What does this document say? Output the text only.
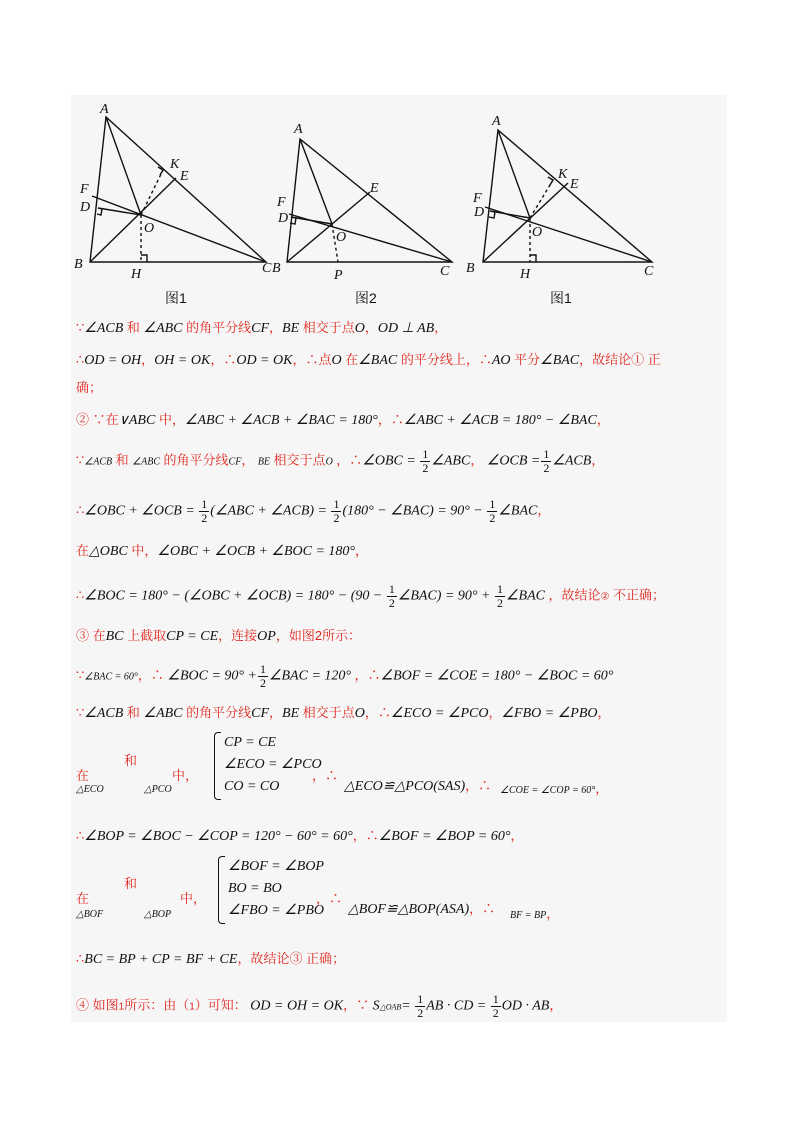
A
B	C
D
E
F
H
K
O
图1
A
B	C
D
E
F
P
O
图2
A
B	C
D
E
F
H
K
O
图1
∵∠ACB 和 ∠ABC 的角平分线CF，BE 相交于点O，OD ⊥ AB，
∴OD = OH，OH = OK，∴OD = OK，∴点O 在∠BAC 的平分线上，∴AO 平分∠BAC，故结论① 正
确；
② ∵在∨ABC 中，∠ABC + ∠ACB + ∠BAC = 180°，∴∠ABC + ∠ACB = 180° − ∠BAC，
∵∠ACB 和 ∠ABC 的角平分线CF， BE 相交于点O ，∴∠OBC = $\frac{1}{2}$ ∠ABC， ∠OCB = $\frac{1}{2}$ ∠ACB，
∴∠OBC + ∠OCB = $\frac{1}{2}$ (∠ABC + ∠ACB) = $\frac{1}{2} (180^\circ$ − ∠BAC) = $90^\circ - \frac{1}{2}$ ∠BAC，
在△OBC 中，∠OBC + ∠OCB + ∠BOC = 180°，
∴∠BOC = 180° − (∠OBC + ∠OCB) = $180^\circ - (90 - \frac{1}{2}$ ∠BAC) = $90^\circ + \frac{1}{2}$ ∠BAC ，故结论② 不正确；
③ 在BC 上截取CP = CE，连接OP，如图2所示：
∵∠BAC = 60°，∴ ∠BOC = $90^\circ + \frac{1}{2}$ ∠BAC = 120° ，∴∠BOF = ∠COE = 180° − ∠BOC = 60°
∵∠ACB 和 ∠ABC 的角平分线CF，BE 相交于点O，∴∠ECO = ∠PCO，∠FBO = ∠PBO，
在
和
中，
△ECO	△PCO
CP = CE
∠ECO = ∠PCO
CO = CO
，∴
△ECO≌△PCO(SAS)，∴ ∠COE = ∠COP = 60°，
∴∠BOP = ∠BOC − ∠COP = 120° − 60° = 60°，∴∠BOF = ∠BOP = 60°，
在
和
中，
△BOF	△BOP
∠BOF = ∠BOP
BO = BO
∠FBO = ∠PBO
，∴
△BOF≌△BOP(ASA)，∴ BF = BP，
∴BC = BP + CP = BF + CE，故结论③ 正确；
④ 如图1所示：由（1）可知： OD = OH = OK，∵ S△OAB= $\frac{1}{2}$ AB · CD = $\frac{1}{2}$ OD · AB，
